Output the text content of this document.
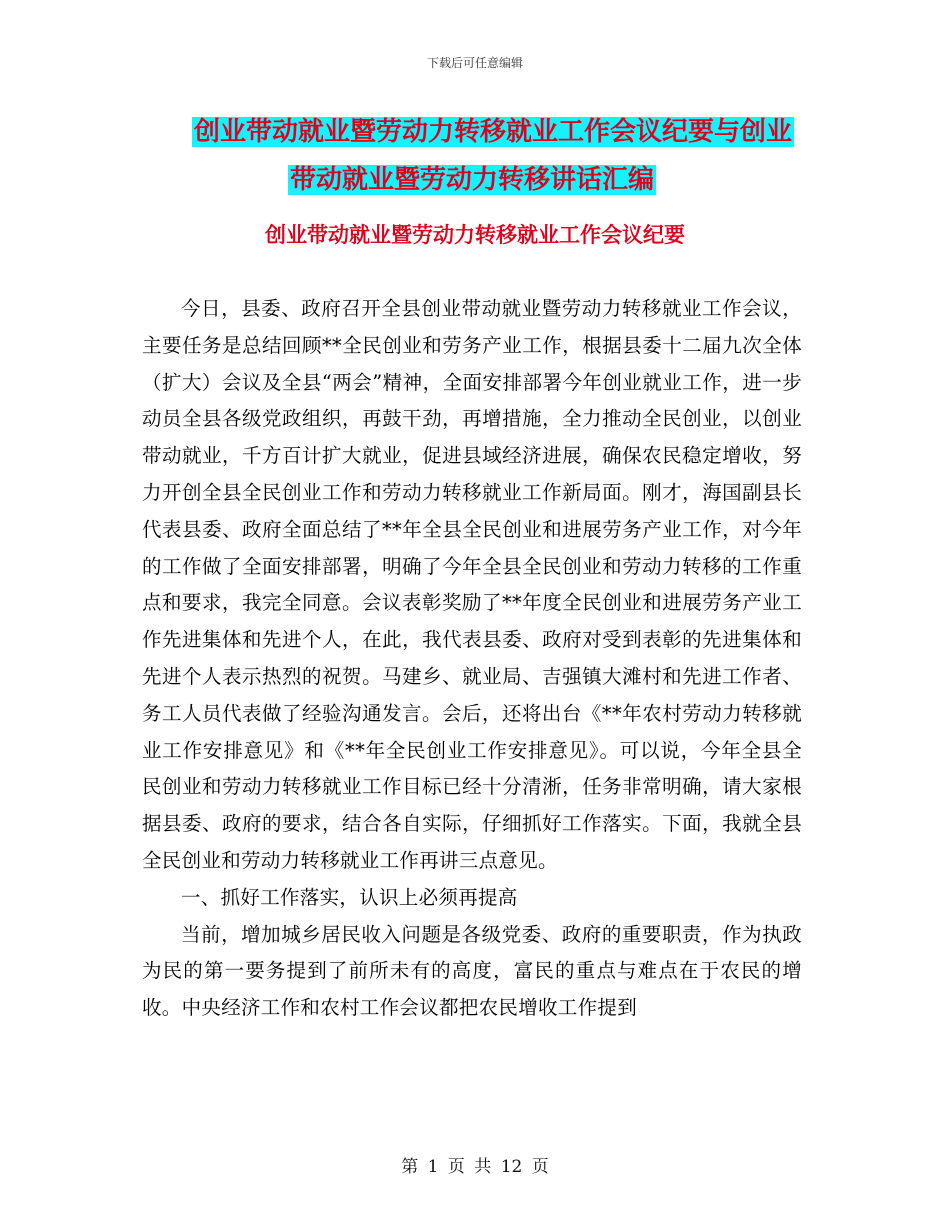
下载后可任意编辑
创业带动就业暨劳动力转移就业工作会议纪要与创业
带动就业暨劳动力转移讲话汇编
创业带动就业暨劳动力转移就业工作会议纪要

今日，县委、政府召开全县创业带动就业暨劳动力转移就业工作会议，主要任务是总结回顾**全民创业和劳务产业工作，根据县委十二届九次全体（扩大）会议及全县“两会”精神，全面安排部署今年创业就业工作，进一步动员全县各级党政组织，再鼓干劲，再增措施，全力推动全民创业，以创业带动就业，千方百计扩大就业，促进县域经济进展，确保农民稳定增收，努力开创全县全民创业工作和劳动力转移就业工作新局面。刚才，海国副县长代表县委、政府全面总结了**年全县全民创业和进展劳务产业工作，对今年的工作做了全面安排部署，明确了今年全县全民创业和劳动力转移的工作重点和要求，我完全同意。会议表彰奖励了**年度全民创业和进展劳务产业工作先进集体和先进个人，在此，我代表县委、政府对受到表彰的先进集体和先进个人表示热烈的祝贺。马建乡、就业局、吉强镇大滩村和先进工作者、务工人员代表做了经验沟通发言。会后，还将出台《**年农村劳动力转移就业工作安排意见》和《**年全民创业工作安排意见》。可以说，今年全县全民创业和劳动力转移就业工作目标已经十分清淅，任务非常明确，请大家根据县委、政府的要求，结合各自实际，仔细抓好工作落实。下面，我就全县全民创业和劳动力转移就业工作再讲三点意见。

一、抓好工作落实，认识上必须再提高

当前，增加城乡居民收入问题是各级党委、政府的重要职责，作为执政为民的第一要务提到了前所未有的高度，富民的重点与难点在于农民的增收。中央经济工作和农村工作会议都把农民增收工作提到

第 1 页 共 12 页
